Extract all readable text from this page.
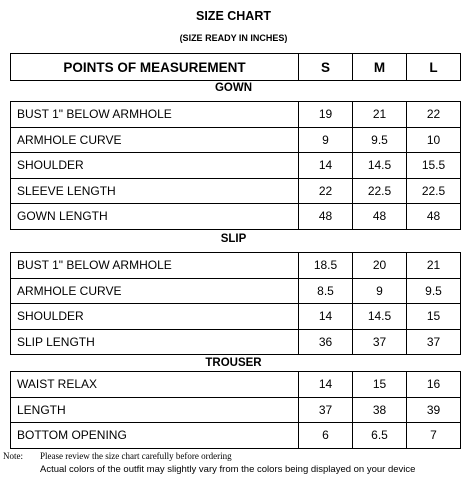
SIZE CHART
(SIZE READY IN INCHES)
POINTS OF MEASUREMENT	S	M	L
GOWN
BUST 1" BELOW ARMHOLE	19	21	22
ARMHOLE CURVE	9	9.5	10
SHOULDER	14	14.5	15.5
SLEEVE LENGTH	22	22.5	22.5
GOWN LENGTH	48	48	48
SLIP
BUST 1" BELOW ARMHOLE	18.5	20	21
ARMHOLE CURVE	8.5	9	9.5
SHOULDER	14	14.5	15
SLIP LENGTH	36	37	37
TROUSER
WAIST RELAX	14	15	16
LENGTH	37	38	39
BOTTOM OPENING	6	6.5	7
Note: Please review the size chart carefully before ordering
Actual colors of the outfit may slightly vary from the colors being displayed on your device
